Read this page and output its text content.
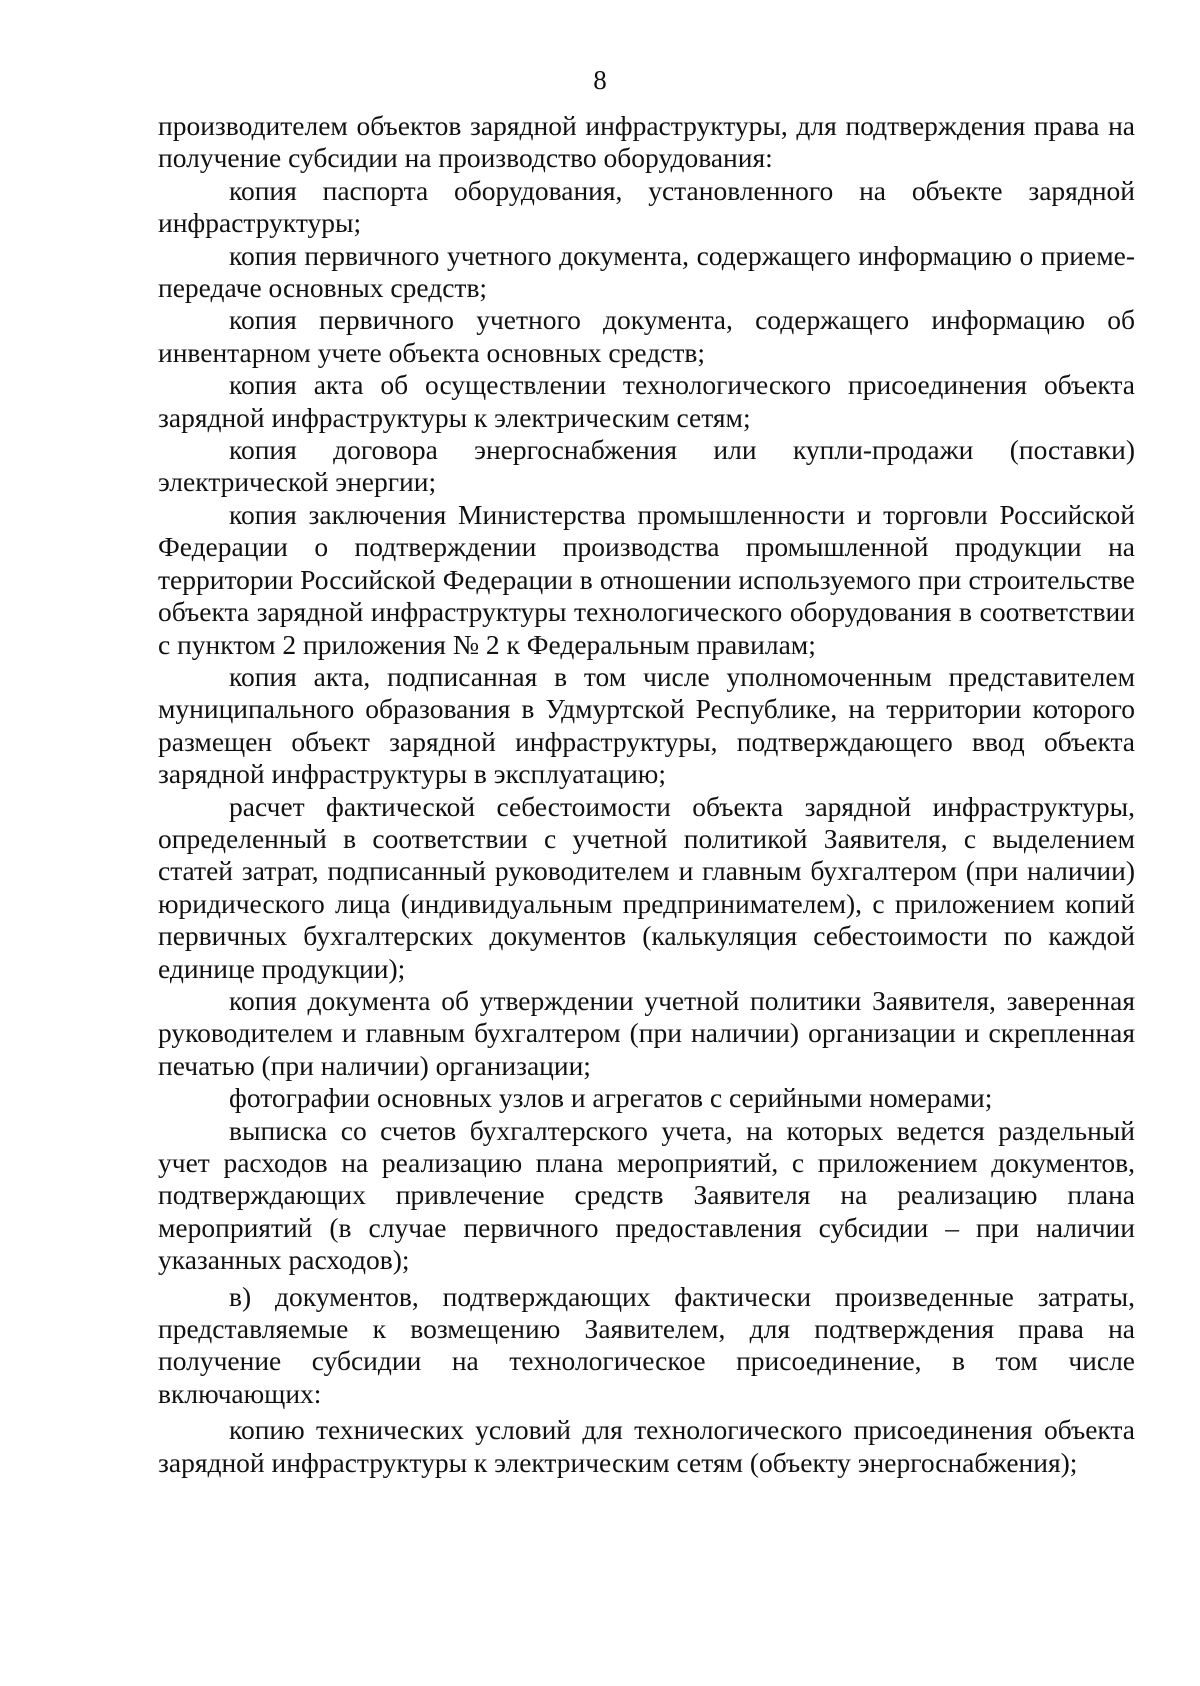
8

производителем объектов зарядной инфраструктуры, для подтверждения права на получение субсидии на производство оборудования:

копия паспорта оборудования, установленного на объекте зарядной инфраструктуры;

копия первичного учетного документа, содержащего информацию о приеме-передаче основных средств;

копия первичного учетного документа, содержащего информацию об инвентарном учете объекта основных средств;

копия акта об осуществлении технологического присоединения объекта зарядной инфраструктуры к электрическим сетям;

копия договора энергоснабжения или купли-продажи (поставки) электрической энергии;

копия заключения Министерства промышленности и торговли Российской Федерации о подтверждении производства промышленной продукции на территории Российской Федерации в отношении используемого при строительстве объекта зарядной инфраструктуры технологического оборудования в соответствии с пунктом 2 приложения № 2 к Федеральным правилам;

копия акта, подписанная в том числе уполномоченным представителем муниципального образования в Удмуртской Республике, на территории которого размещен объект зарядной инфраструктуры, подтверждающего ввод объекта зарядной инфраструктуры в эксплуатацию;

расчет фактической себестоимости объекта зарядной инфраструктуры, определенный в соответствии с учетной политикой Заявителя, с выделением статей затрат, подписанный руководителем и главным бухгалтером (при наличии) юридического лица (индивидуальным предпринимателем), с приложением копий первичных бухгалтерских документов (калькуляция себестоимости по каждой единице продукции);

копия документа об утверждении учетной политики Заявителя, заверенная руководителем и главным бухгалтером (при наличии) организации и скрепленная печатью (при наличии) организации;

фотографии основных узлов и агрегатов с серийными номерами;

выписка со счетов бухгалтерского учета, на которых ведется раздельный учет расходов на реализацию плана мероприятий, с приложением документов, подтверждающих привлечение средств Заявителя на реализацию плана мероприятий (в случае первичного предоставления субсидии – при наличии указанных расходов);

в) документов, подтверждающих фактически произведенные затраты, представляемые к возмещению Заявителем, для подтверждения права на получение субсидии на технологическое присоединение, в том числе включающих:

копию технических условий для технологического присоединения объекта зарядной инфраструктуры к электрическим сетям (объекту энергоснабжения);
